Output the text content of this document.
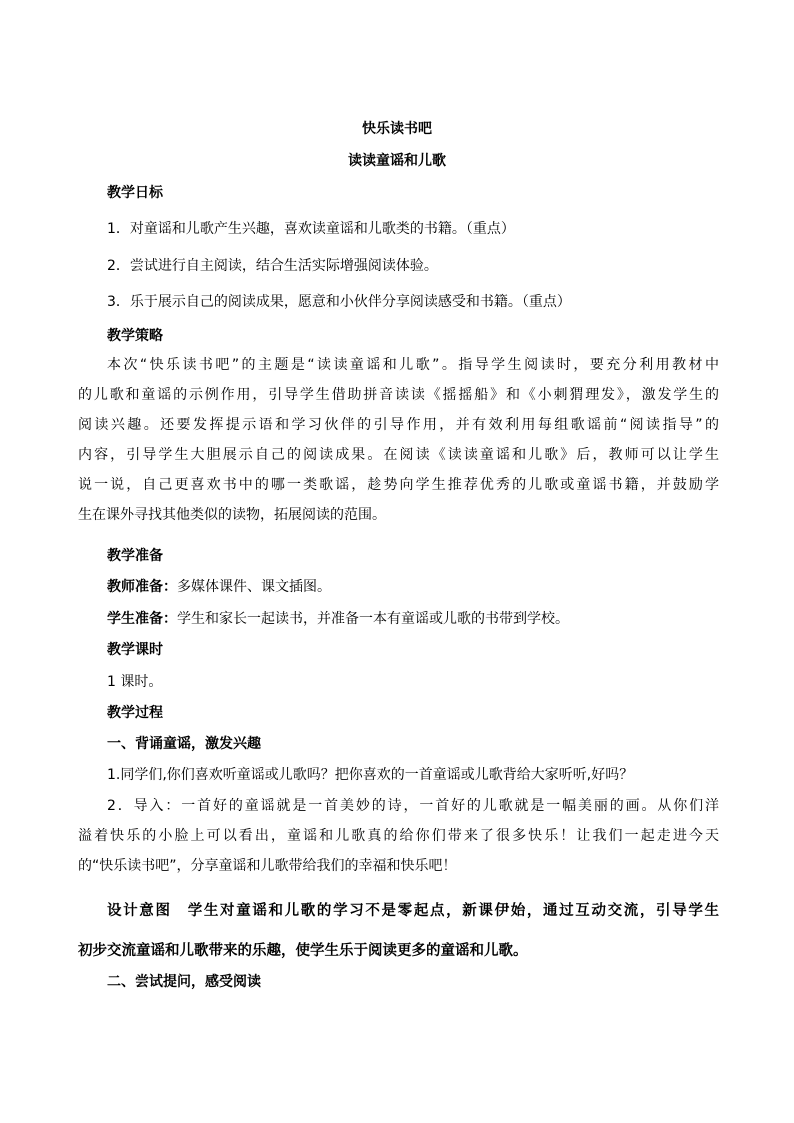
快乐读书吧
读读童谣和儿歌
教学日标
1．对童谣和儿歌产生兴趣，喜欢读童谣和儿歌类的书籍。（重点）
2．尝试进行自主阅读，结合生活实际增强阅读体验。
3．乐于展示自己的阅读成果，愿意和小伙伴分享阅读感受和书籍。（重点）
教学策略
本次“快乐读书吧”的主题是“读读童谣和儿歌”。指导学生阅读时，要充分利用教材中
的儿歌和童谣的示例作用，引导学生借助拼音读读《摇摇船》和《小刺猬理发》，激发学生的
阅读兴趣。还要发挥提示语和学习伙伴的引导作用，并有效利用每组歌谣前“阅读指导”的
内容，引导学生大胆展示自己的阅读成果。在阅读《读读童谣和儿歌》后，教师可以让学生
说一说，自己更喜欢书中的哪一类歌谣，趁势向学生推荐优秀的儿歌或童谣书籍，并鼓励学
生在课外寻找其他类似的读物，拓展阅读的范围。
教学准备
教师准备：多媒体课件、课文插图。
学生准备：学生和家长一起读书，并准备一本有童谣或儿歌的书带到学校。
教学课时
1 课时。
教学过程
一、背诵童谣，激发兴趣
1.同学们,你们喜欢听童谣或儿歌吗？把你喜欢的一首童谣或儿歌背给大家听听,好吗？
2．导入：一首好的童谣就是一首美妙的诗，一首好的儿歌就是一幅美丽的画。从你们洋
溢着快乐的小脸上可以看出，童谣和儿歌真的给你们带来了很多快乐！让我们一起走进今天
的“快乐读书吧”，分享童谣和儿歌带给我们的幸福和快乐吧！
设计意图　学生对童谣和儿歌的学习不是零起点，新课伊始，通过互动交流，引导学生
初步交流童谣和儿歌带来的乐趣，使学生乐于阅读更多的童谣和儿歌。
二、尝试提问，感受阅读
